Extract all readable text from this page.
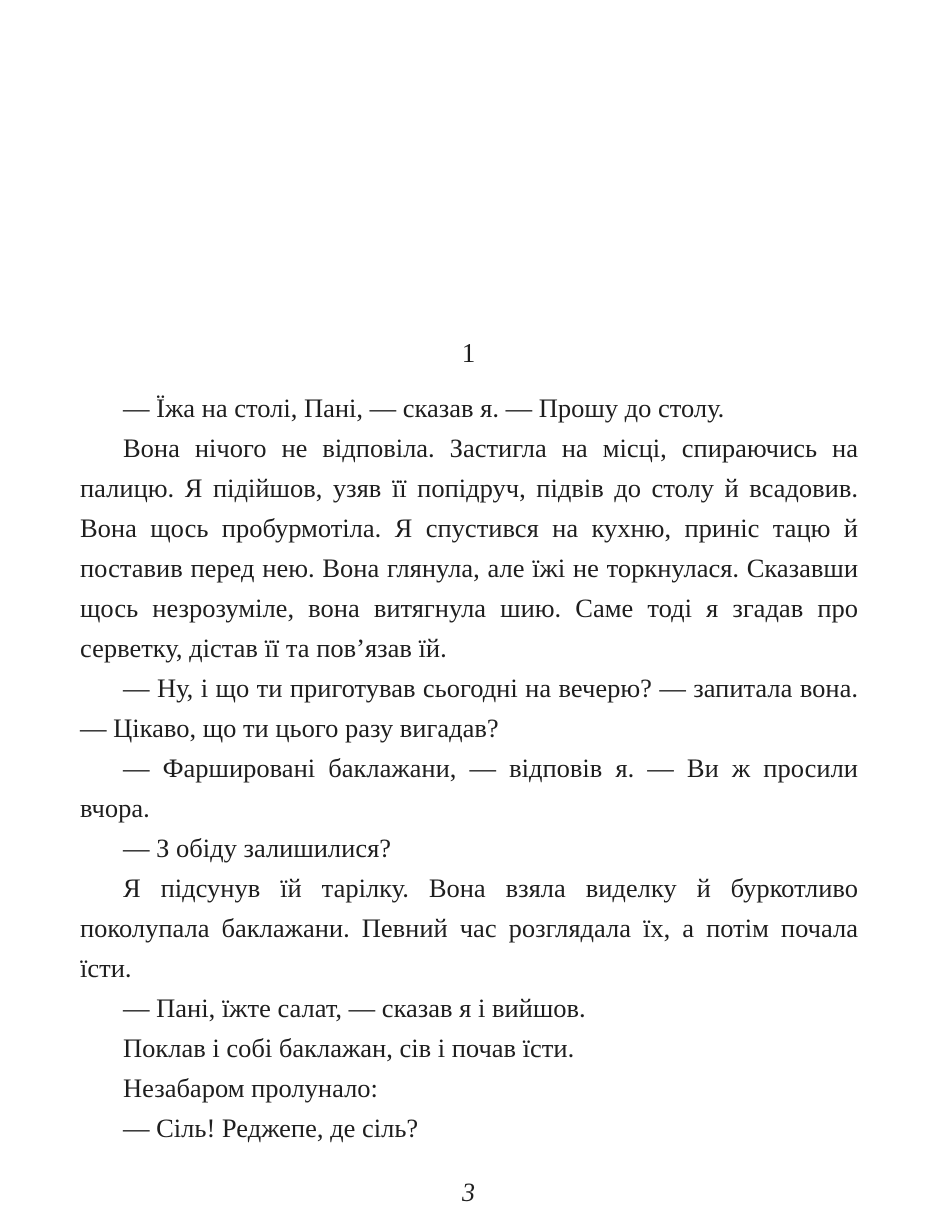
1

— Їжа на столі, Пані, — сказав я. — Прошу до столу.

Вона нічого не відповіла. Застигла на місці, спираючись на палицю. Я підійшов, узяв її попідруч, підвів до столу й всадовив. Вона щось пробурмотіла. Я спустився на кухню, приніс тацю й поставив перед нею. Вона глянула, але їжі не торкнулася. Сказавши щось незрозуміле, вона витягнула шию. Саме тоді я згадав про серветку, дістав її та пов’язав їй.

— Ну, і що ти приготував сьогодні на вечерю? — запитала вона. — Цікаво, що ти цього разу вигадав?

— Фаршировані баклажани, — відповів я. — Ви ж просили вчора.

— З обіду залишилися?

Я підсунув їй тарілку. Вона взяла виделку й буркотливо поколупала баклажани. Певний час розглядала їх, а потім почала їсти.

— Пані, їжте салат, — сказав я і вийшов.

Поклав і собі баклажан, сів і почав їсти.

Незабаром пролунало:

— Сіль! Реджепе, де сіль?

3
